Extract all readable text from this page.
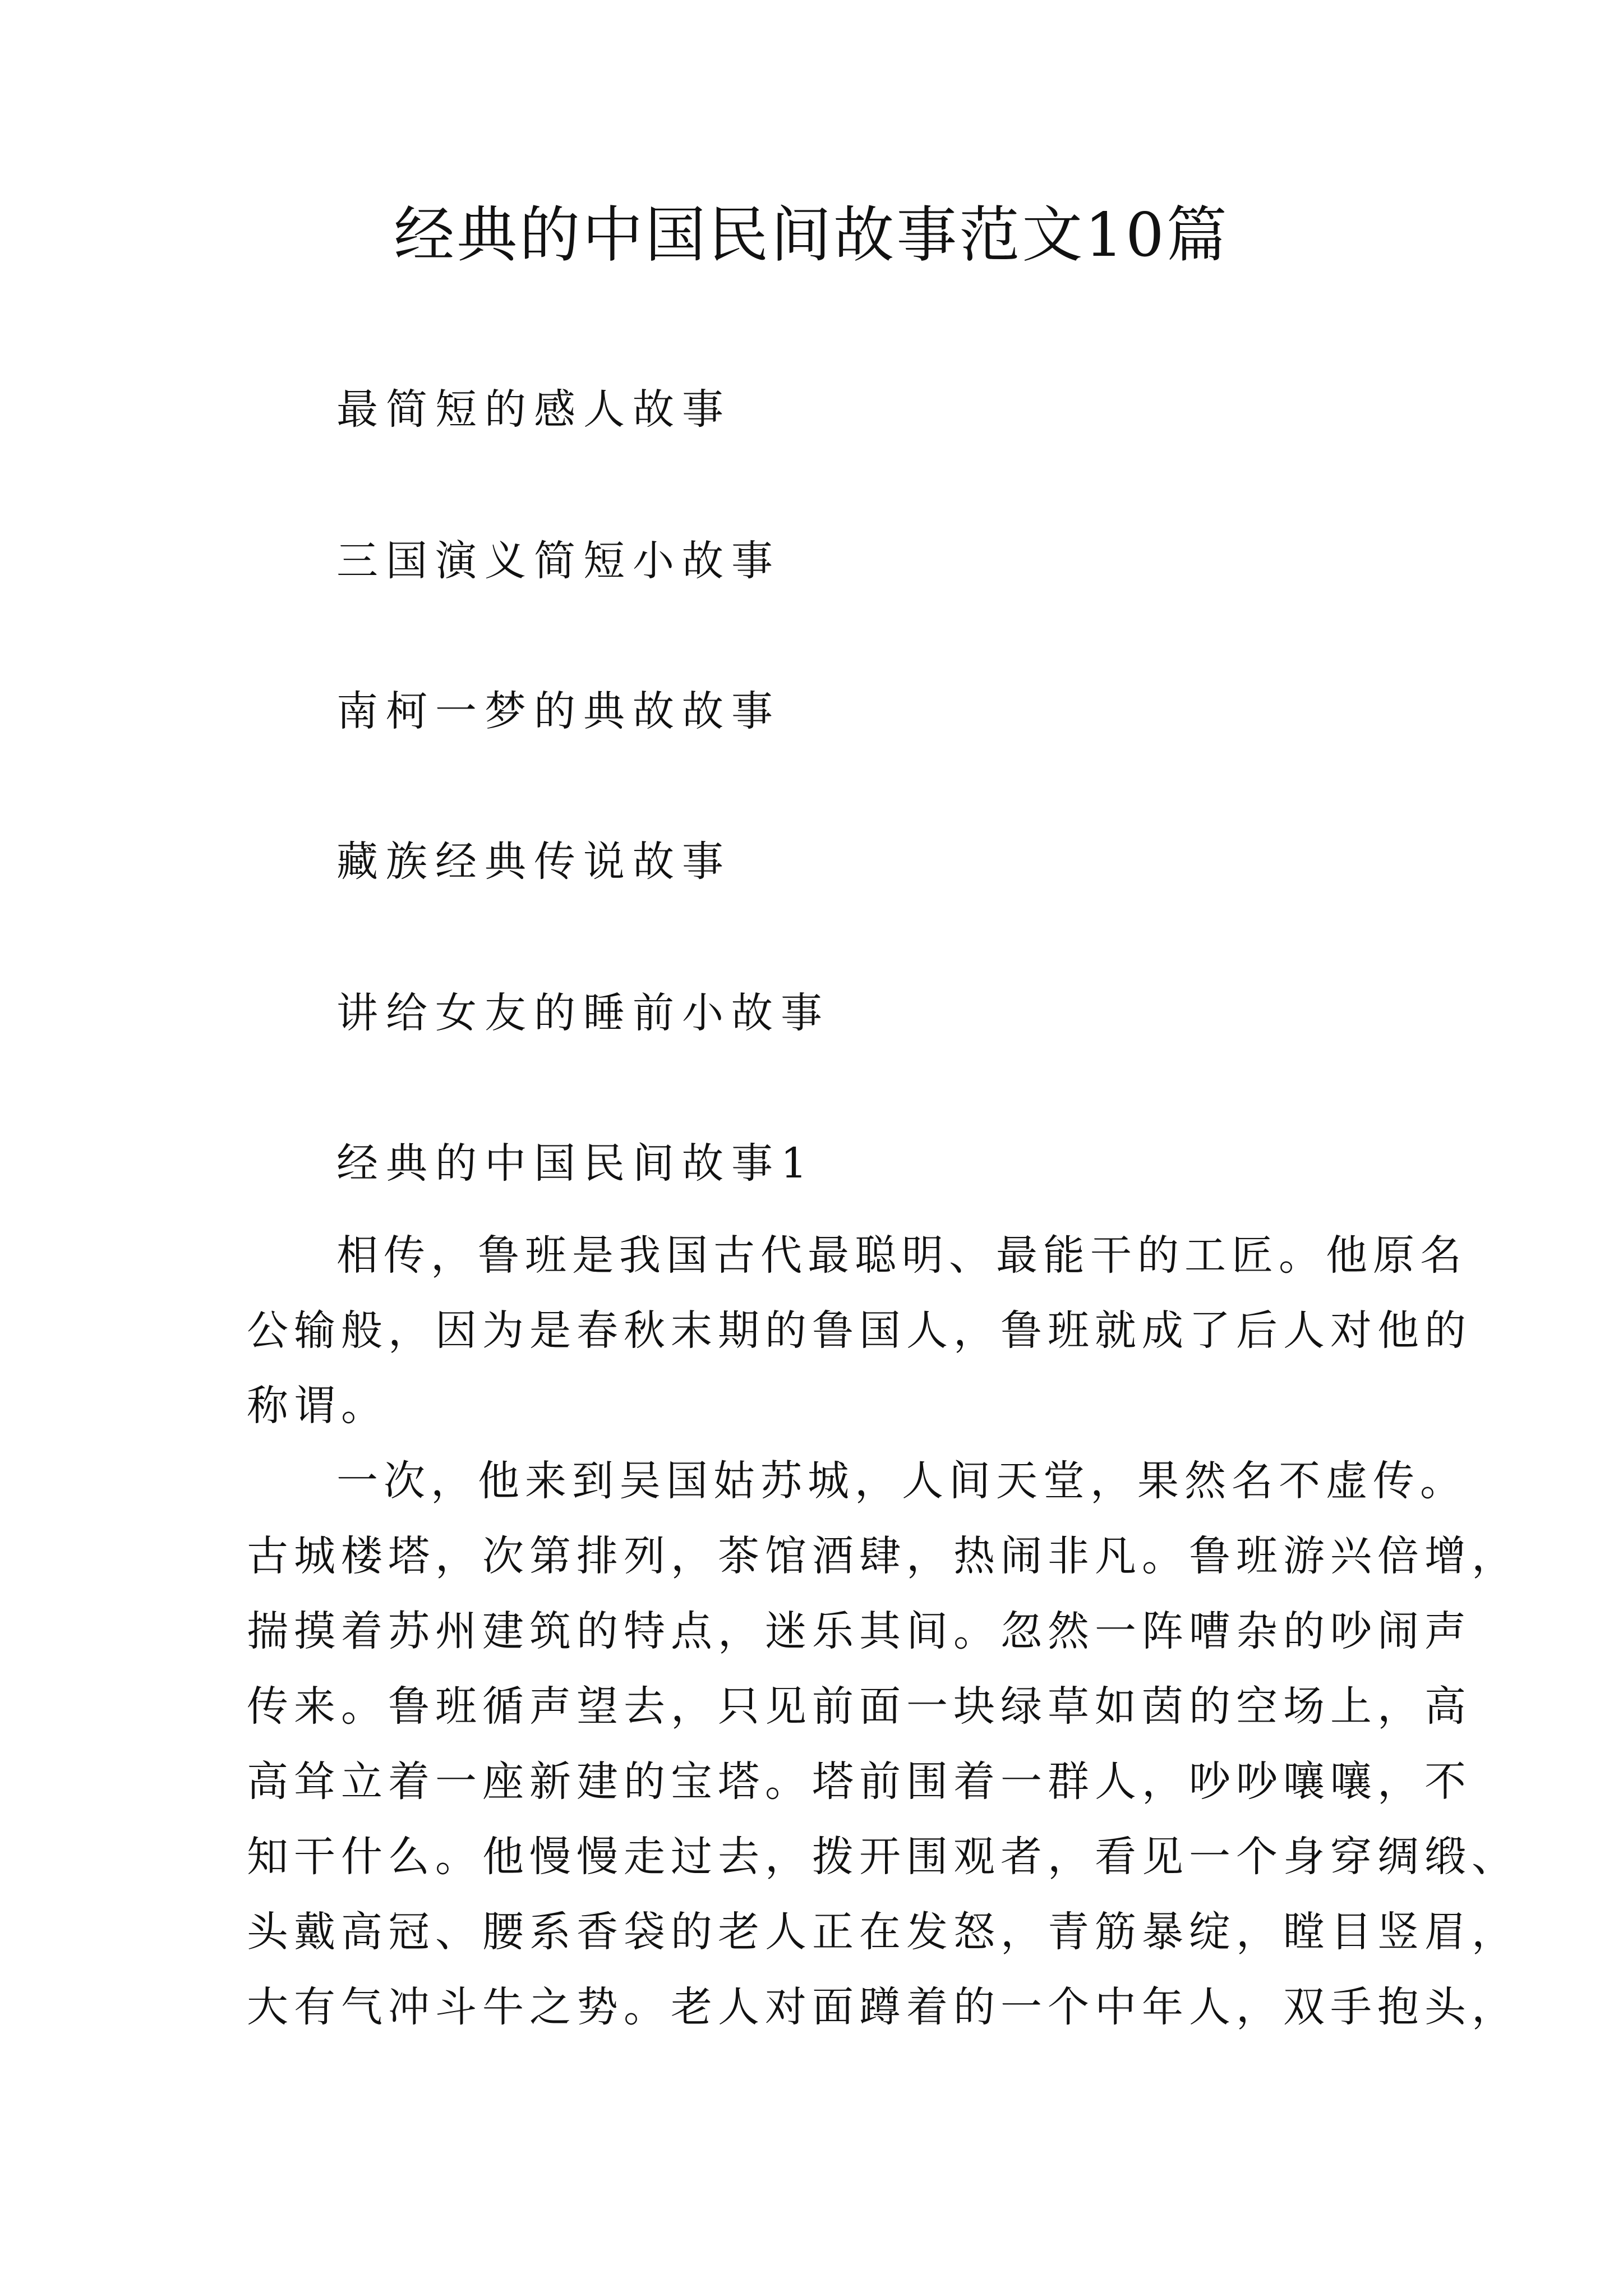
经典的中国民间故事范文10篇
最简短的感人故事
三国演义简短小故事
南柯一梦的典故故事
藏族经典传说故事
讲给女友的睡前小故事
经典的中国民间故事1
相传，鲁班是我国古代最聪明、最能干的工匠。他原名
公输般，因为是春秋末期的鲁国人，鲁班就成了后人对他的
称谓。
一次，他来到吴国姑苏城，人间天堂，果然名不虚传。
古城楼塔，次第排列，茶馆酒肆，热闹非凡。鲁班游兴倍增，
揣摸着苏州建筑的特点，迷乐其间。忽然一阵嘈杂的吵闹声
传来。鲁班循声望去，只见前面一块绿草如茵的空场上，高
高耸立着一座新建的宝塔。塔前围着一群人，吵吵嚷嚷，不
知干什么。他慢慢走过去，拨开围观者，看见一个身穿绸缎、
头戴高冠、腰系香袋的老人正在发怒，青筋暴绽，瞠目竖眉，
大有气冲斗牛之势。老人对面蹲着的一个中年人，双手抱头，
